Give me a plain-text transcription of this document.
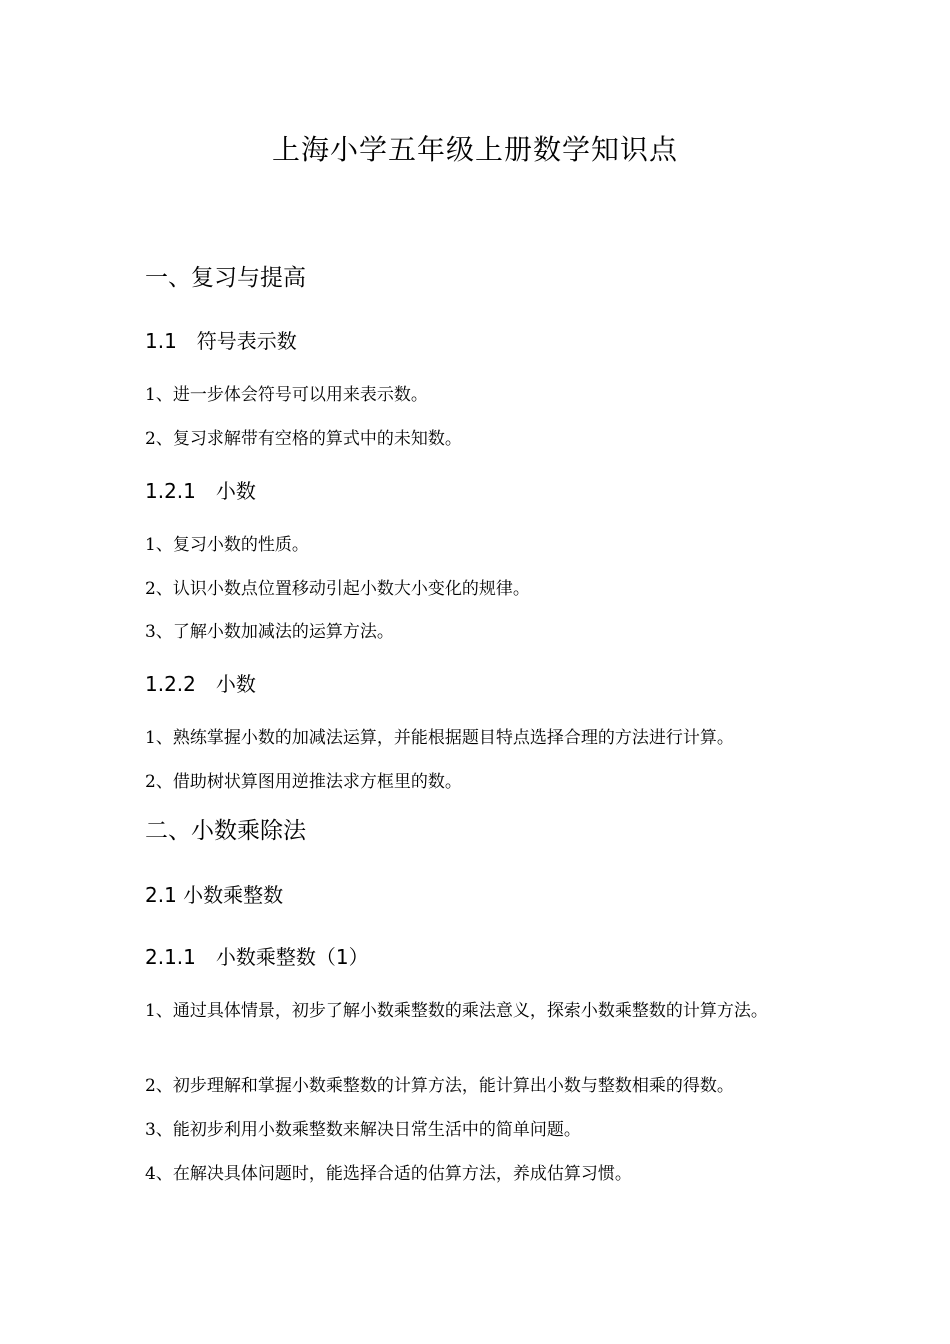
上海小学五年级上册数学知识点
一、复习与提高
1.1　符号表示数
1、进一步体会符号可以用来表示数。
2、复习求解带有空格的算式中的未知数。
1.2.1　小数
1、复习小数的性质。
2、认识小数点位置移动引起小数大小变化的规律。
3、了解小数加减法的运算方法。
1.2.2　小数
1、熟练掌握小数的加减法运算，并能根据题目特点选择合理的方法进行计算。
2、借助树状算图用逆推法求方框里的数。
二、小数乘除法
2.1 小数乘整数
2.1.1　小数乘整数（1）
1、通过具体情景，初步了解小数乘整数的乘法意义，探索小数乘整数的计算方法。
2、初步理解和掌握小数乘整数的计算方法，能计算出小数与整数相乘的得数。
3、能初步利用小数乘整数来解决日常生活中的简单问题。
4、在解决具体问题时，能选择合适的估算方法，养成估算习惯。
